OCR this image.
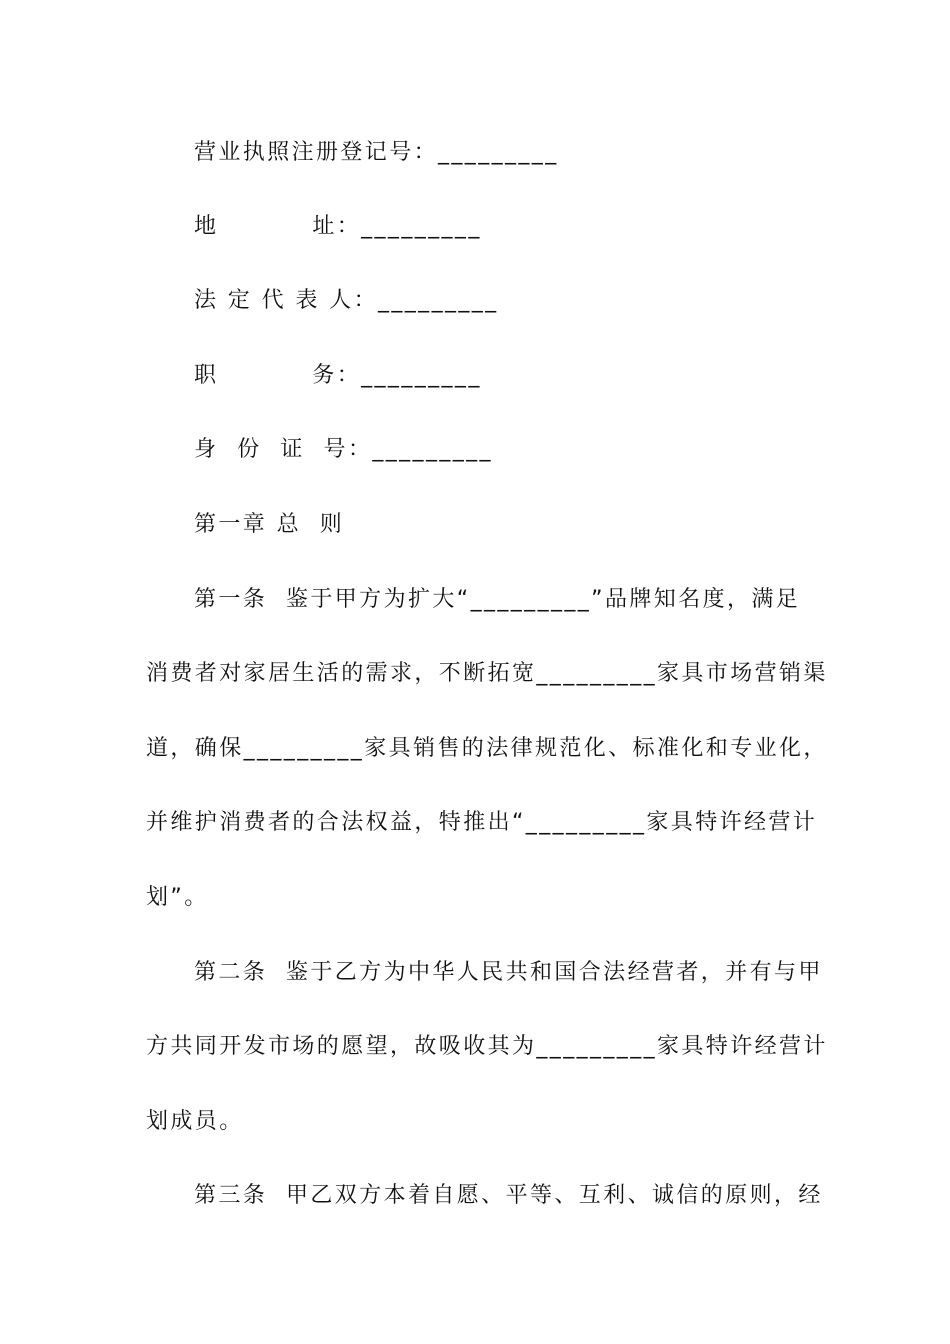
营业执照注册登记号：_________
地          址：_________
法 定 代 表 人：_________
职          务：_________
身  份  证  号：_________
第一章 总  则
第一条  鉴于甲方为扩大“_________”品牌知名度，满足
消费者对家居生活的需求，不断拓宽_________家具市场营销渠
道，确保_________家具销售的法律规范化、标准化和专业化，
并维护消费者的合法权益，特推出“_________家具特许经营计
划”。
第二条  鉴于乙方为中华人民共和国合法经营者，并有与甲
方共同开发市场的愿望，故吸收其为_________家具特许经营计
划成员。
第三条  甲乙双方本着自愿、平等、互利、诚信的原则，经
